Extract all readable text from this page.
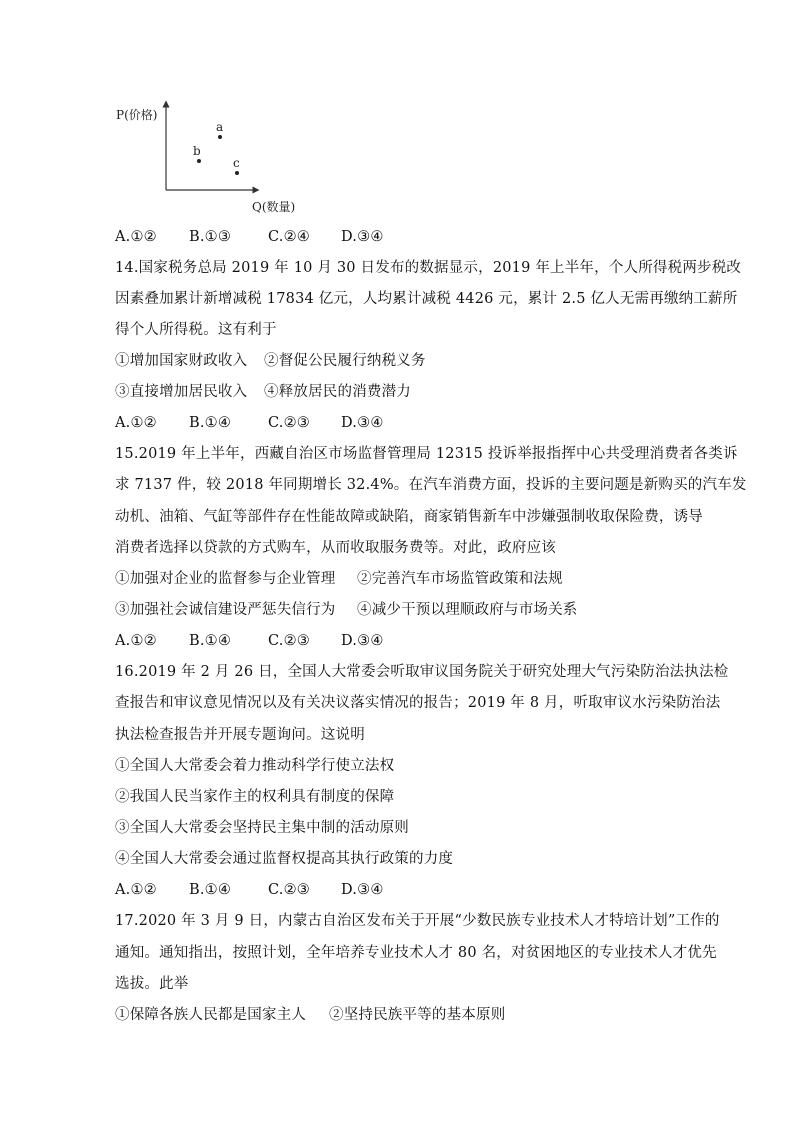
P(价格)
Q(数量)
a
b
c
A.①② B.①③	C.②④ D.③④
14.国家税务总局 2019 年 10 月 30 日发布的数据显示，2019 年上半年，个人所得税两步税改
因素叠加累计新增减税 17834 亿元，人均累计减税 4426 元，累计 2.5 亿人无需再缴纳工薪所
得个人所得税。这有利于
①增加国家财政收入 ②督促公民履行纳税义务
③直接增加居民收入 ④释放居民的消费潜力
A.①② B.①④	C.②③ D.③④
15.2019 年上半年，西藏自治区市场监督管理局 12315 投诉举报指挥中心共受理消费者各类诉
求 7137 件，较 2018 年同期增长 32.4%。在汽车消费方面，投诉的主要问题是新购买的汽车发
动机、油箱、气缸等部件存在性能故障或缺陷，商家销售新车中涉嫌强制收取保险费，诱导
消费者选择以贷款的方式购车，从而收取服务费等。对此，政府应该
①加强对企业的监督参与企业管理 ②完善汽车市场监管政策和法规
③加强社会诚信建设严惩失信行为 ④减少干预以理顺政府与市场关系
A.①② B.①④	C.②③ D.③④
16.2019 年 2 月 26 日，全国人大常委会听取审议国务院关于研究处理大气污染防治法执法检
查报告和审议意见情况以及有关决议落实情况的报告；2019 年 8 月，听取审议水污染防治法
执法检查报告并开展专题询问。这说明
①全国人大常委会着力推动科学行使立法权
②我国人民当家作主的权利具有制度的保障
③全国人大常委会坚持民主集中制的活动原则
④全国人大常委会通过监督权提高其执行政策的力度
A.①② B.①④	C.②③ D.③④
17.2020 年 3 月 9 日，内蒙古自治区发布关于开展“少数民族专业技术人才特培计划”工作的
通知。通知指出，按照计划，全年培养专业技术人才 80 名，对贫困地区的专业技术人才优先
选拔。此举
①保障各族人民都是国家主人 ②坚持民族平等的基本原则
